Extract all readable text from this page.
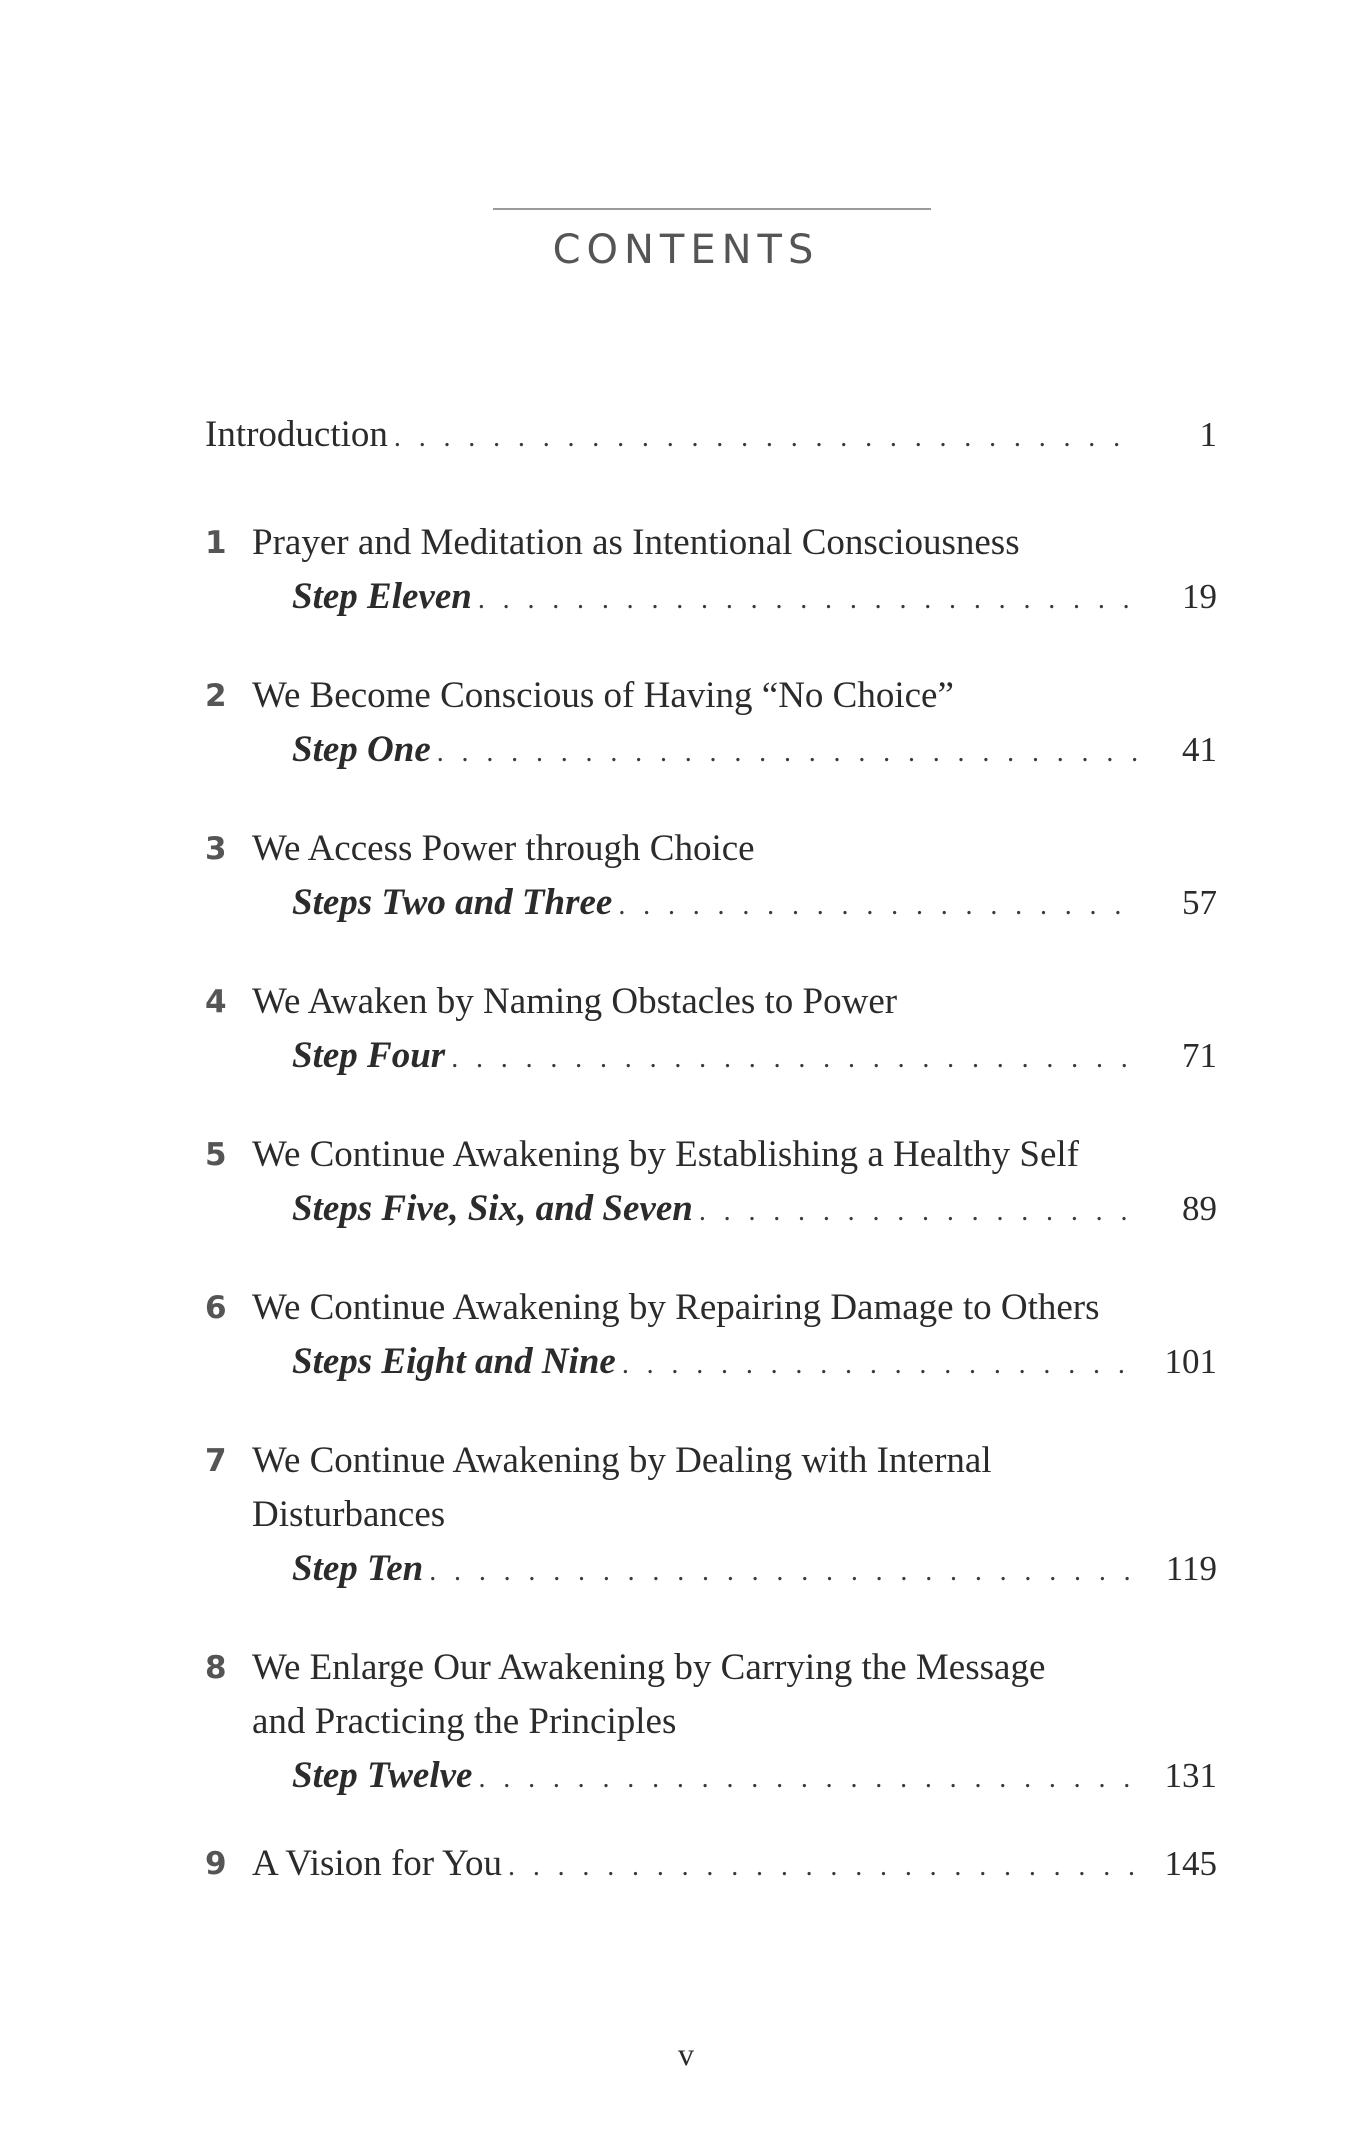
CONTENTS
Introduction . . .	1
1 Prayer and Meditation as Intentional Consciousness
Step Eleven . . .	19
2 We Become Conscious of Having “No Choice”
Step One . . .	41
3 We Access Power through Choice
Steps Two and Three . . .	57
4 We Awaken by Naming Obstacles to Power
Step Four . . .	71
5 We Continue Awakening by Establishing a Healthy Self
Steps Five, Six, and Seven . . .	89
6 We Continue Awakening by Repairing Damage to Others
Steps Eight and Nine . . .	101
7 We Continue Awakening by Dealing with Internal
Disturbances
Step Ten . . .	119
8 We Enlarge Our Awakening by Carrying the Message
and Practicing the Principles
Step Twelve . . .	131
9 A Vision for You . . .	145
v
